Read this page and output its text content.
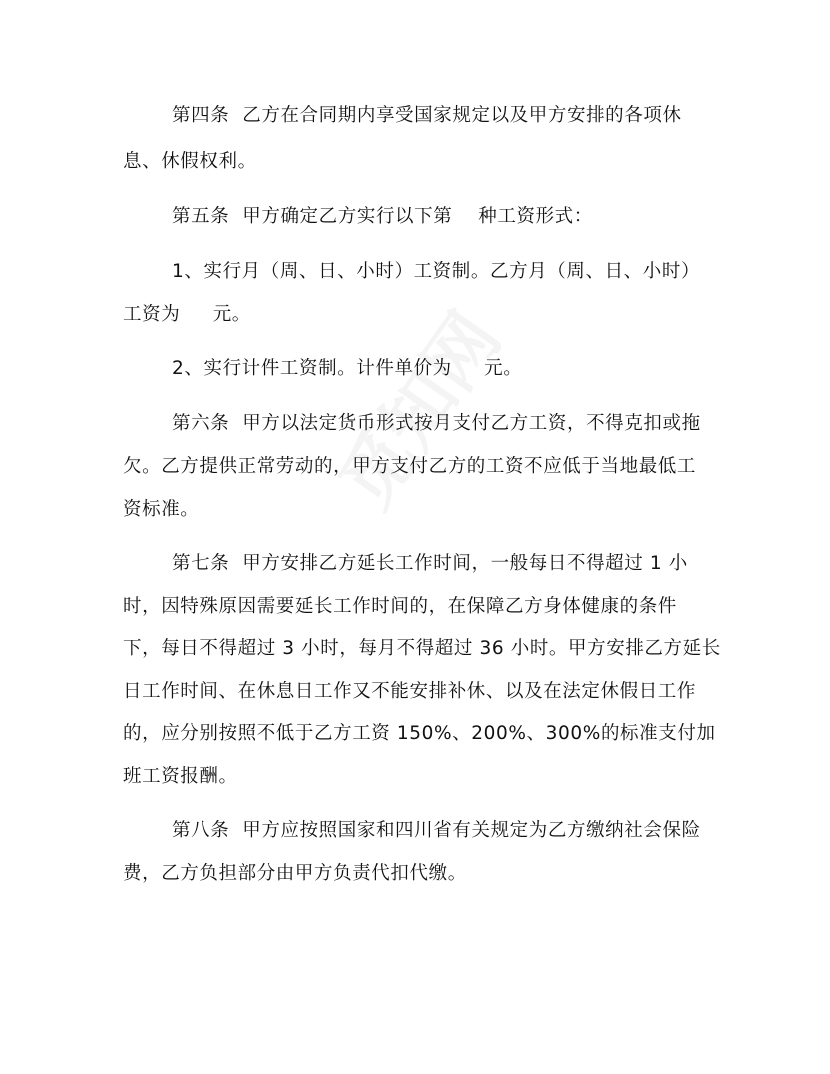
第四条  乙方在合同期内享受国家规定以及甲方安排的各项休
息、休假权利。
第五条  甲方确定乙方实行以下第    种工资形式：
1、实行月（周、日、小时）工资制。乙方月（周、日、小时）
工资为     元。
2、实行计件工资制。计件单价为     元。
第六条  甲方以法定货币形式按月支付乙方工资，不得克扣或拖
欠。乙方提供正常劳动的，甲方支付乙方的工资不应低于当地最低工
资标准。
第七条  甲方安排乙方延长工作时间，一般每日不得超过 1 小
时，因特殊原因需要延长工作时间的，在保障乙方身体健康的条件
下，每日不得超过 3 小时，每月不得超过 36 小时。甲方安排乙方延长
日工作时间、在休息日工作又不能安排补休、以及在法定休假日工作
的，应分别按照不低于乙方工资 150%、200%、300%的标准支付加
班工资报酬。
第八条  甲方应按照国家和四川省有关规定为乙方缴纳社会保险
费，乙方负担部分由甲方负责代扣代缴。
